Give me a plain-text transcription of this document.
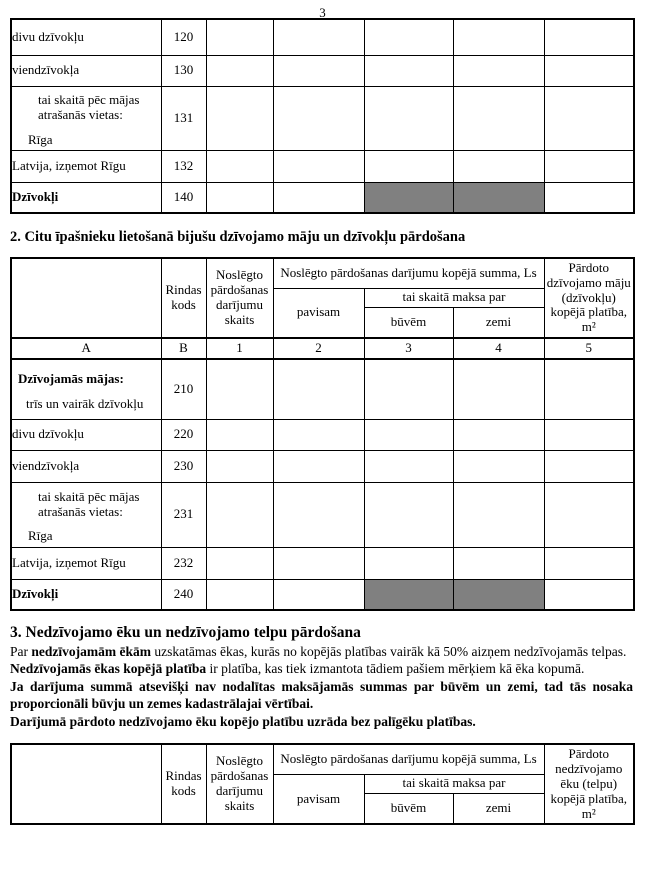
3
divu dzīvokļu	120					
viendzīvokļa	130					

tai skaitā pēc mājas atrašanās vietas:
Rīga	131					
Latvija, izņemot Rīgu	132					
Dzīvokļi	140					
2. Citu īpašnieku lietošanā bijušu dzīvojamo māju un dzīvokļu pārdošana
	Rindas kods	Noslēgto pārdošanas darījumu skaits	Noslēgto pārdošanas darījumu kopējā summa, Ls			Pārdoto dzīvojamo māju (dzīvokļu) kopējā platība, m²
			pavisam	tai skaitā maksa par		
				būvēm	zemi	
A	B	1	2	3	4	5

Dzīvojamās mājas:
trīs un vairāk dzīvokļu	210					
divu dzīvokļu	220					
viendzīvokļa	230					

tai skaitā pēc mājas atrašanās vietas:
Rīga	231					
Latvija, izņemot Rīgu	232					
Dzīvokļi	240					
3. Nedzīvojamo ēku un nedzīvojamo telpu pārdošana

Par nedzīvojamām ēkām uzskatāmas ēkas, kurās no kopējās platības vairāk kā 50% aizņem nedzīvojamās telpas.

Nedzīvojamās ēkas kopējā platība ir platība, kas tiek izmantota tādiem pašiem mērķiem kā ēka kopumā.

Ja darījuma summā atsevišķi nav nodalītas maksājamās summas par būvēm un zemi, tad tās nosaka proporcionāli būvju un zemes kadastrālajai vērtībai.

Darījumā pārdoto nedzīvojamo ēku kopējo platību uzrāda bez palīgēku platības.

	Rindas kods	Noslēgto pārdošanas darījumu skaits	Noslēgto pārdošanas darījumu kopējā summa, Ls			Pārdoto nedzīvojamo ēku (telpu) kopējā platība, m²
			pavisam	tai skaitā maksa par		
				būvēm	zemi	
